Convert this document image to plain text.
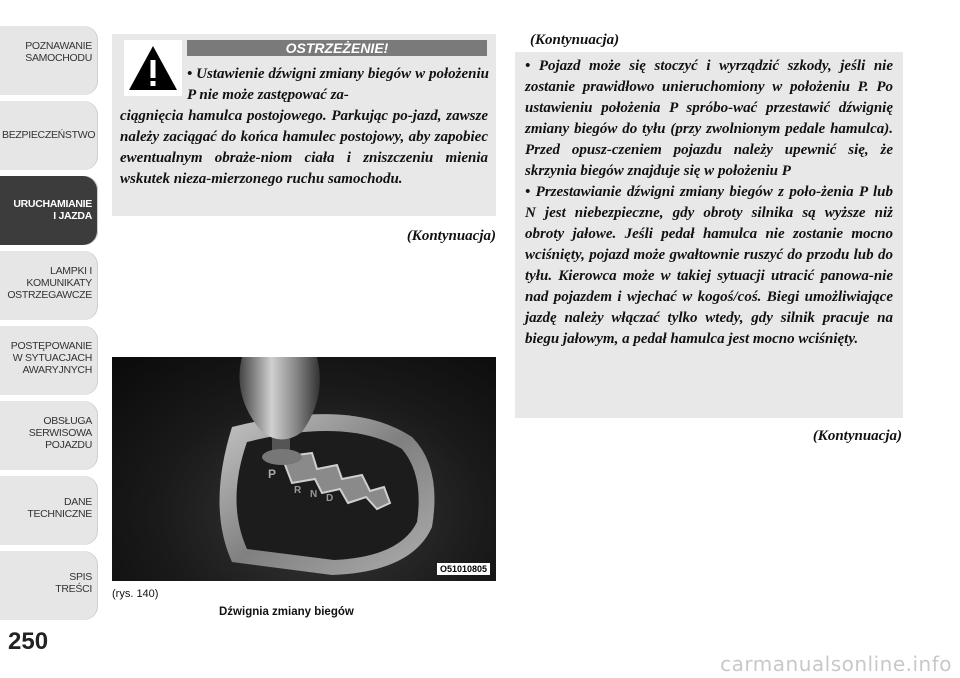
POZNAWANIE
SAMOCHODU
BEZPIECZEŃSTWO
URUCHAMIANIE
I JAZDA
LAMPKI I
KOMUNIKATY
OSTRZEGAWCZE
POSTĘPOWANIE
W SYTUACJACH
AWARYJNYCH
OBSŁUGA
SERWISOWA
POJAZDU
DANE
TECHNICZNE
SPIS
TREŚCI
250
OSTRZEŻENIE!
• Ustawienie dźwigni zmiany biegów w położeniu P nie może zastępować za-
ciągnięcia hamulca postojowego. Parkując po-jazd, zawsze należy zaciągać do końca hamulec postojowy, aby zapobiec ewentualnym obraże-niom ciała i zniszczeniu mienia wskutek nieza-mierzonego ruchu samochodu.
(Kontynuacja)
(Kontynuacja)

• Pojazd może się stoczyć i wyrządzić szkody, jeśli nie zostanie prawidłowo unieruchomiony w położeniu P. Po ustawieniu położenia P spróbo-wać przestawić dźwignię zmiany biegów do tyłu (przy zwolnionym pedale hamulca). Przed opusz-czeniem pojazdu należy upewnić się, że skrzynia biegów znajduje się w położeniu P

• Przestawianie dźwigni zmiany biegów z poło-żenia P lub N jest niebezpieczne, gdy obroty silnika są wyższe niż obroty jałowe. Jeśli pedał hamulca nie zostanie mocno wciśnięty, pojazd może gwałtownie ruszyć do przodu lub do tyłu. Kierowca może w takiej sytuacji utracić panowa-nie nad pojazdem i wjechać w kogoś/coś. Biegi umożliwiające jazdę należy włączać tylko wtedy, gdy silnik pracuje na biegu jałowym, a pedał hamulca jest mocno wciśnięty.

(Kontynuacja)
P
R N D
O51010805
(rys. 140)
Dźwignia zmiany biegów
carmanualsonline.info
